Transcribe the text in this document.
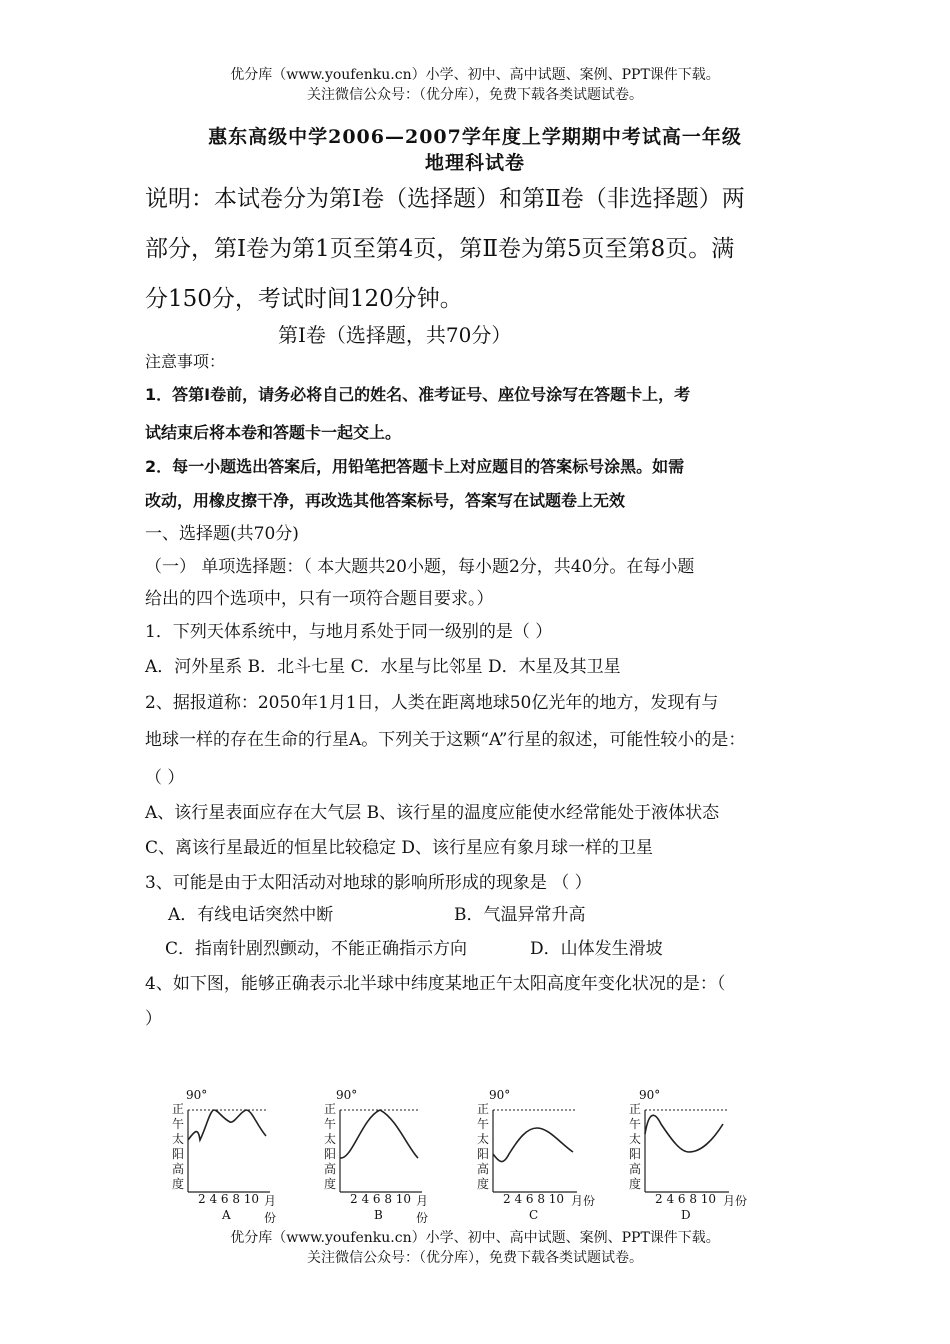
优分库（www.youfenku.cn）小学、初中、高中试题、案例、PPT课件下载。
关注微信公众号：（优分库），免费下载各类试题试卷。
惠东高级中学2006—2007学年度上学期期中考试高一年级
地理科试卷
说明：本试卷分为第Ⅰ卷（选择题）和第Ⅱ卷（非选择题）两
部分，第Ⅰ卷为第1页至第4页，第Ⅱ卷为第5页至第8页。满
分150分，考试时间120分钟。
第Ⅰ卷（选择题，共70分）
注意事项：
1．答第Ⅰ卷前，请务必将自己的姓名、准考证号、座位号涂写在答题卡上，考
试结束后将本卷和答题卡一起交上。
2．每一小题选出答案后，用铅笔把答题卡上对应题目的答案标号涂黑。如需
改动，用橡皮擦干净，再改选其他答案标号，答案写在试题卷上无效
一、选择题(共70分)
（一） 单项选择题：（ 本大题共20小题，每小题2分，共40分。在每小题
给出的四个选项中，只有一项符合题目要求。）
1．下列天体系统中，与地月系处于同一级别的是（ ）
A．河外星系 B．北斗七星 C．水星与比邻星 D．木星及其卫星
2、据报道称：2050年1月1日，人类在距离地球50亿光年的地方，发现有与
地球一样的存在生命的行星A。下列关于这颗“A”行星的叙述，可能性较小的是：
（ ）
A、该行星表面应存在大气层 B、该行星的温度应能使水经常能处于液体状态
C、离该行星最近的恒星比较稳定 D、该行星应有象月球一样的卫星
3、可能是由于太阳活动对地球的影响所形成的现象是 （ ）
A．有线电话突然中断	B．气温异常升高
C．指南针剧烈颤动，不能正确指示方向	D．山体发生滑坡
4、如下图，能够正确表示北半球中纬度某地正午太阳高度年变化状况的是：（
）
90°
正
午
太
阳
高
度
2 4 6 8 10 月份
A
90°
正
午
太
阳
高
度
2 4 6 8 10 月份
B
90°
正
午
太
阳
高
度
2 4 6 8 10 月份
C
90°
正
午
太
阳
高
度
2 4 6 8 10 月份
D
优分库（www.youfenku.cn）小学、初中、高中试题、案例、PPT课件下载。
关注微信公众号：（优分库），免费下载各类试题试卷。
